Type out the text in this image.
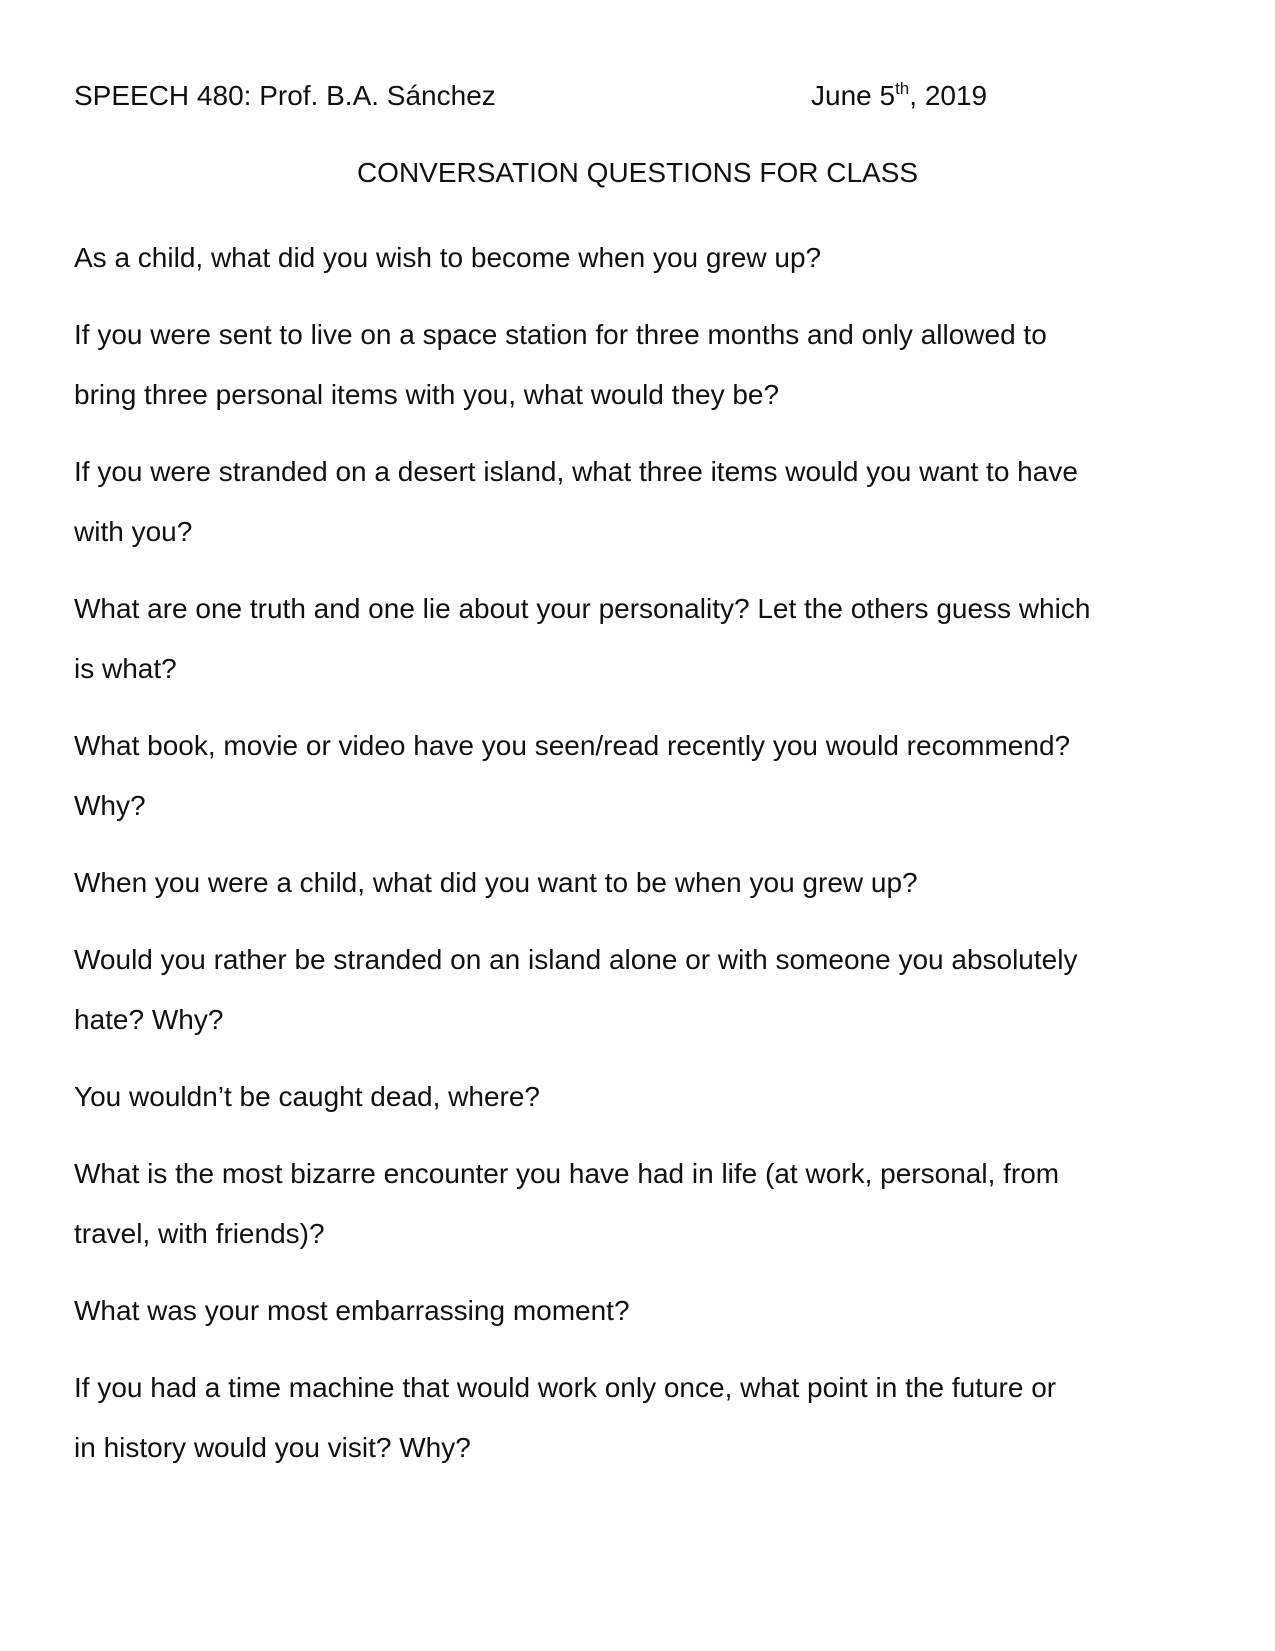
SPEECH 480: Prof. B.A. Sánchez	June 5th, 2019
CONVERSATION QUESTIONS FOR CLASS
As a child, what did you wish to become when you grew up?
If you were sent to live on a space station for three months and only allowed to
bring three personal items with you, what would they be?
If you were stranded on a desert island, what three items would you want to have
with you?
What are one truth and one lie about your personality? Let the others guess which
is what?
What book, movie or video have you seen/read recently you would recommend?
Why?
When you were a child, what did you want to be when you grew up?
Would you rather be stranded on an island alone or with someone you absolutely
hate? Why?
You wouldn’t be caught dead, where?
What is the most bizarre encounter you have had in life (at work, personal, from
travel, with friends)?
What was your most embarrassing moment?
If you had a time machine that would work only once, what point in the future or
in history would you visit? Why?
